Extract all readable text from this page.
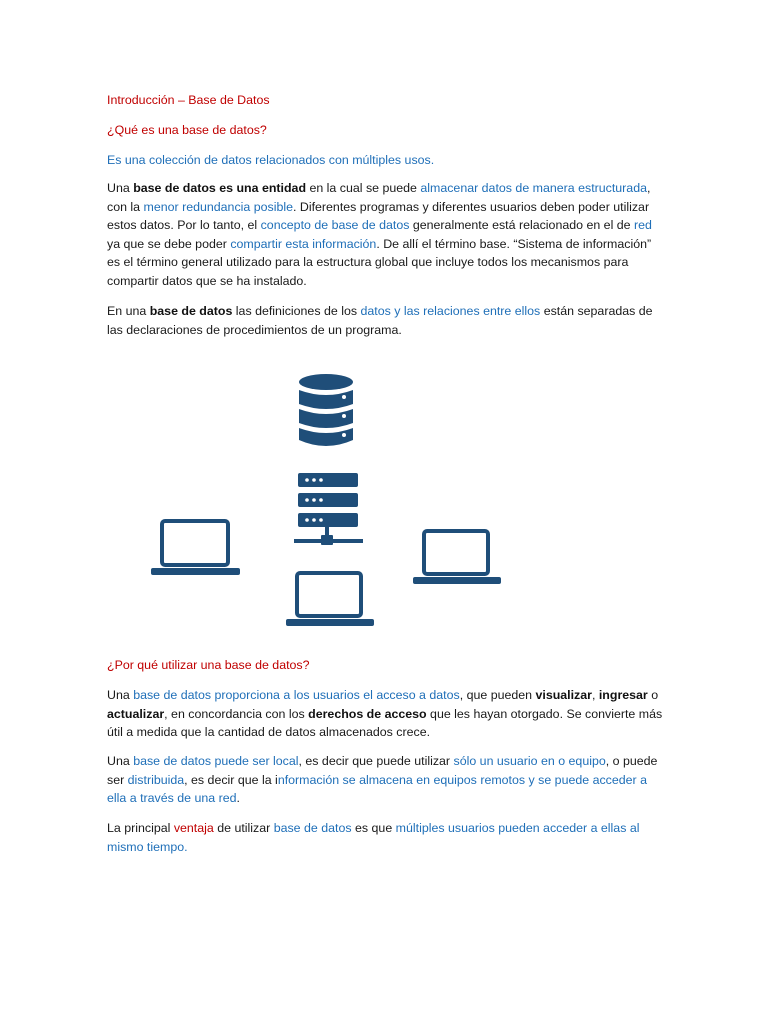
Introducción – Base de Datos

¿Qué es una base de datos?

Es una colección de datos relacionados con múltiples usos.

Una base de datos es una entidad en la cual se puede almacenar datos de manera estructurada, con la menor redundancia posible. Diferentes programas y diferentes usuarios deben poder utilizar estos datos. Por lo tanto, el concepto de base de datos generalmente está relacionado en el de red ya que se debe poder compartir esta información. De allí el término base. “Sistema de información” es el término general utilizado para la estructura global que incluye todos los mecanismos para compartir datos que se ha instalado.

En una base de datos las definiciones de los datos y las relaciones entre ellos están separadas de las declaraciones de procedimientos de un programa.

¿Por qué utilizar una base de datos?

Una base de datos proporciona a los usuarios el acceso a datos, que pueden visualizar, ingresar o actualizar, en concordancia con los derechos de acceso que les hayan otorgado. Se convierte más útil a medida que la cantidad de datos almacenados crece.

Una base de datos puede ser local, es decir que puede utilizar sólo un usuario en o equipo, o puede ser distribuida, es decir que la información se almacena en equipos remotos y se puede acceder a ella a través de una red.

La principal ventaja de utilizar base de datos es que múltiples usuarios pueden acceder a ellas al mismo tiempo.
